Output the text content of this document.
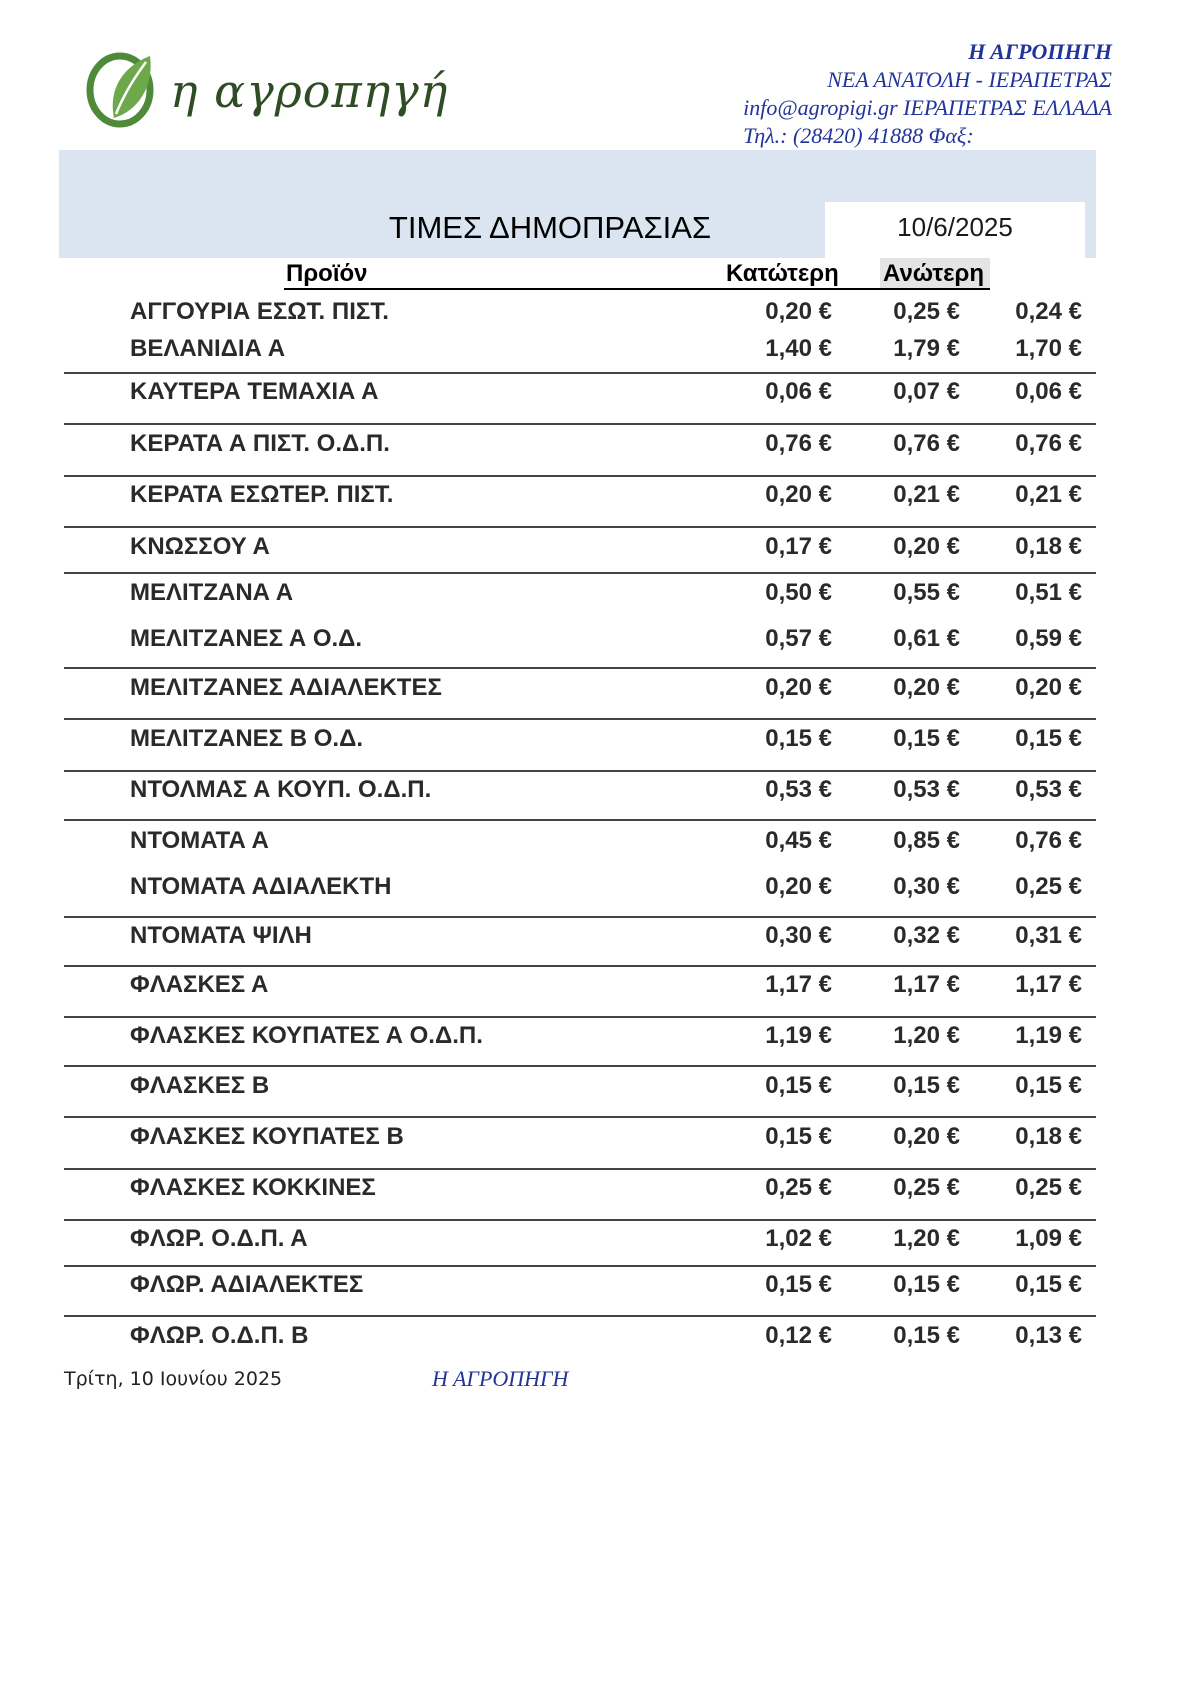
η αγροπηγή
Η ΑΓΡΟΠΗΓΗ
ΝΕΑ ΑΝΑΤΟΛΗ - ΙΕΡΑΠΕΤΡΑΣ
info@agropigi.gr ΙΕΡΑΠΕΤΡΑΣ ΕΛΛΑΔΑ
Τηλ.: (28420) 41888 Φαξ:
10/6/2025
ΤΙΜΕΣ ΔΗΜΟΠΡΑΣΙΑΣ
Προϊόν	Κατώτερη Ανώτερη
ΑΓΓΟΥΡΙΑ ΕΣΩΤ. ΠΙΣΤ.	0,20 €	0,25 € 0,24 €
ΒΕΛΑΝΙΔΙΑ Α	1,40 €	1,79 € 1,70 €
ΚΑΥΤΕΡΑ ΤΕΜΑΧΙΑ Α	0,06 €	0,07 € 0,06 €
ΚΕΡΑΤΑ Α ΠΙΣΤ. Ο.Δ.Π.	0,76 €	0,76 € 0,76 €
ΚΕΡΑΤΑ ΕΣΩΤΕΡ. ΠΙΣΤ.	0,20 €	0,21 € 0,21 €
ΚΝΩΣΣΟΥ Α	0,17 €	0,20 € 0,18 €
ΜΕΛΙΤΖΑΝΑ Α	0,50 €	0,55 € 0,51 €
ΜΕΛΙΤΖΑΝΕΣ Α Ο.Δ.	0,57 €	0,61 € 0,59 €
ΜΕΛΙΤΖΑΝΕΣ ΑΔΙΑΛΕΚΤΕΣ	0,20 €	0,20 € 0,20 €
ΜΕΛΙΤΖΑΝΕΣ Β Ο.Δ.	0,15 €	0,15 € 0,15 €
ΝΤΟΛΜΑΣ Α ΚΟΥΠ. Ο.Δ.Π.	0,53 €	0,53 € 0,53 €
ΝΤΟΜΑΤΑ Α	0,45 €	0,85 € 0,76 €
ΝΤΟΜΑΤΑ ΑΔΙΑΛΕΚΤΗ	0,20 €	0,30 € 0,25 €
ΝΤΟΜΑΤΑ ΨΙΛΗ	0,30 €	0,32 € 0,31 €
ΦΛΑΣΚΕΣ Α	1,17 €	1,17 € 1,17 €
ΦΛΑΣΚΕΣ ΚΟΥΠΑΤΕΣ Α Ο.Δ.Π.	1,19 €	1,20 € 1,19 €
ΦΛΑΣΚΕΣ Β	0,15 €	0,15 € 0,15 €
ΦΛΑΣΚΕΣ ΚΟΥΠΑΤΕΣ Β	0,15 €	0,20 € 0,18 €
ΦΛΑΣΚΕΣ ΚΟΚΚΙΝΕΣ	0,25 €	0,25 € 0,25 €
ΦΛΩΡ. Ο.Δ.Π. Α	1,02 €	1,20 € 1,09 €
ΦΛΩΡ. ΑΔΙΑΛΕΚΤΕΣ	0,15 €	0,15 € 0,15 €
ΦΛΩΡ. Ο.Δ.Π. Β	0,12 €	0,15 € 0,13 €
Τρίτη, 10 Ιουνίου 2025	Η ΑΓΡΟΠΗΓΗ
